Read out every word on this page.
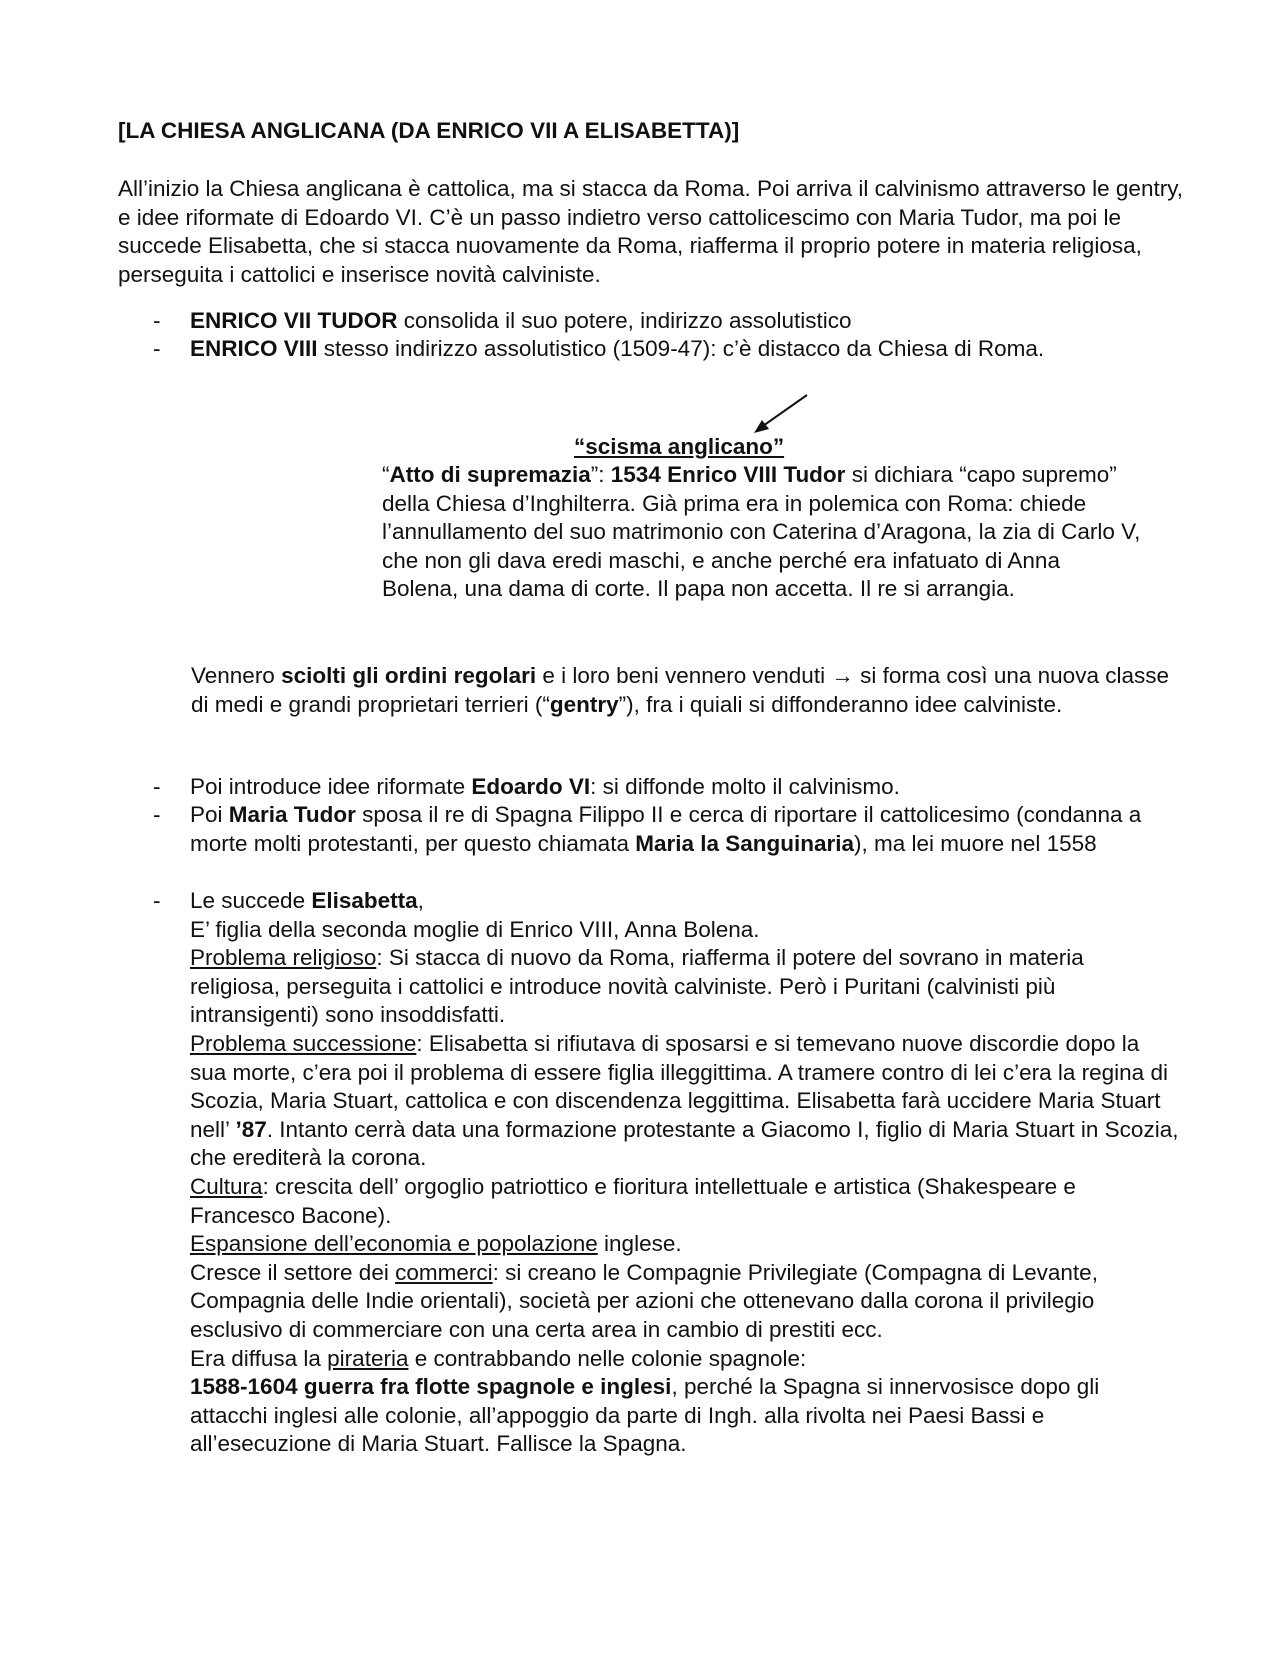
[LA CHIESA ANGLICANA (DA ENRICO VII A ELISABETTA)]
All’inizio la Chiesa anglicana è cattolica, ma si stacca da Roma. Poi arriva il calvinismo attraverso le gentry, e idee riformate di Edoardo VI. C’è un passo indietro verso cattolicescimo con Maria Tudor, ma poi le succede Elisabetta, che si stacca nuovamente da Roma, riafferma il proprio potere in materia religiosa, perseguita i cattolici e inserisce novità calviniste.
- ENRICO VII TUDOR consolida il suo potere, indirizzo assolutistico
- ENRICO VIII stesso indirizzo assolutistico (1509-47): c’è distacco da Chiesa di Roma.
“scisma anglicano”
“Atto di supremazia”: 1534 Enrico VIII Tudor si dichiara “capo supremo” della Chiesa d’Inghilterra. Già prima era in polemica con Roma: chiede l’annullamento del suo matrimonio con Caterina d’Aragona, la zia di Carlo V, che non gli dava eredi maschi, e anche perché era infatuato di Anna Bolena, una dama di corte. Il papa non accetta. Il re si arrangia.
Vennero sciolti gli ordini regolari e i loro beni vennero venduti → si forma così una nuova classe di medi e grandi proprietari terrieri (“gentry”), fra i quiali si diffonderanno idee calviniste.
- Poi introduce idee riformate Edoardo VI: si diffonde molto il calvinismo.
- Poi Maria Tudor sposa il re di Spagna Filippo II e cerca di riportare il cattolicesimo (condanna a morte molti protestanti, per questo chiamata Maria la Sanguinaria), ma lei muore nel 1558
- Le succede Elisabetta,
E’ figlia della seconda moglie di Enrico VIII, Anna Bolena.
Problema religioso: Si stacca di nuovo da Roma, riafferma il potere del sovrano in materia religiosa, perseguita i cattolici e introduce novità calviniste. Però i Puritani (calvinisti più intransigenti) sono insoddisfatti.
Problema successione: Elisabetta si rifiutava di sposarsi e si temevano nuove discordie dopo la sua morte, c’era poi il problema di essere figlia illeggittima. A tramere contro di lei c’era la regina di Scozia, Maria Stuart, cattolica e con discendenza leggittima. Elisabetta farà uccidere Maria Stuart nell’ ’87. Intanto cerrà data una formazione protestante a Giacomo I, figlio di Maria Stuart in Scozia, che erediterà la corona.
Cultura: crescita dell’ orgoglio patriottico e fioritura intellettuale e artistica (Shakespeare e Francesco Bacone).
Espansione dell’economia e popolazione inglese.
Cresce il settore dei commerci: si creano le Compagnie Privilegiate (Compagna di Levante, Compagnia delle Indie orientali), società per azioni che ottenevano dalla corona il privilegio esclusivo di commerciare con una certa area in cambio di prestiti ecc.
Era diffusa la pirateria e contrabbando nelle colonie spagnole:
1588-1604 guerra fra flotte spagnole e inglesi, perché la Spagna si innervosisce dopo gli attacchi inglesi alle colonie, all’appoggio da parte di Ingh. alla rivolta nei Paesi Bassi e all’esecuzione di Maria Stuart. Fallisce la Spagna.
